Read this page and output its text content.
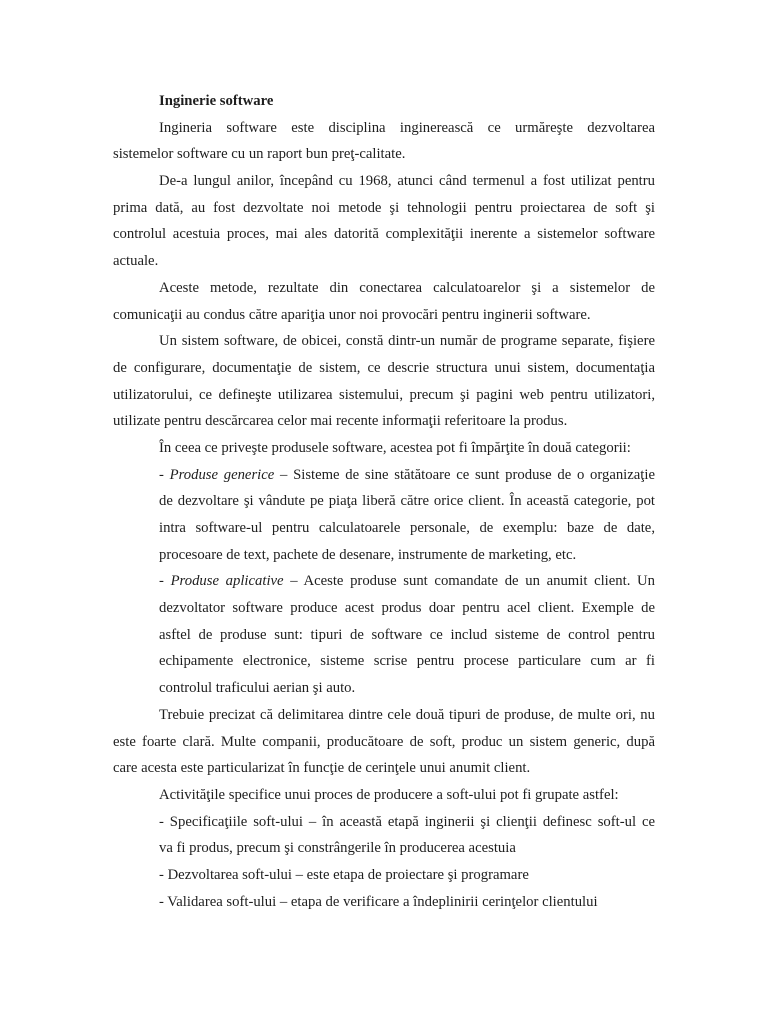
Inginerie software
Ingineria software este disciplina inginerească ce urmăreşte dezvoltarea
sistemelor software cu un raport bun preţ-calitate.
De-a lungul anilor, începând cu 1968, atunci când termenul a fost utilizat pentru
prima dată, au fost dezvoltate noi metode şi tehnologii pentru proiectarea de soft şi
controlul acestuia proces, mai ales datorită complexităţii inerente a sistemelor software
actuale.
Aceste metode, rezultate din conectarea calculatoarelor şi a sistemelor de
comunicaţii au condus către apariţia unor noi provocări pentru inginerii software.
Un sistem software, de obicei, constă dintr-un număr de programe separate, fişiere
de configurare, documentaţie de sistem, ce descrie structura unui sistem, documentaţia
utilizatorului, ce defineşte utilizarea sistemului, precum şi pagini web pentru utilizatori,
utilizate pentru descărcarea celor mai recente informaţii referitoare la produs.
În ceea ce priveşte produsele software, acestea pot fi împărţite în două categorii:
- Produse generice – Sisteme de sine stătătoare ce sunt produse de o organizaţie
de dezvoltare şi vândute pe piaţa liberă către orice client. În această categorie, pot
intra software-ul pentru calculatoarele personale, de exemplu: baze de date,
procesoare de text, pachete de desenare, instrumente de marketing, etc.
- Produse aplicative – Aceste produse sunt comandate de un anumit client. Un
dezvoltator software produce acest produs doar pentru acel client. Exemple de
asftel de produse sunt: tipuri de software ce includ sisteme de control pentru
echipamente electronice, sisteme scrise pentru procese particulare cum ar fi
controlul traficului aerian şi auto.
Trebuie precizat că delimitarea dintre cele două tipuri de produse, de multe ori, nu
este foarte clară. Multe companii, producătoare de soft, produc un sistem generic, după
care acesta este particularizat în funcţie de cerinţele unui anumit client.
Activităţile specifice unui proces de producere a soft-ului pot fi grupate astfel:
- Specificaţiile soft-ului – în această etapă inginerii şi clienţii definesc soft-ul ce
va fi produs, precum şi constrângerile în producerea acestuia
- Dezvoltarea soft-ului – este etapa de proiectare şi programare
- Validarea soft-ului – etapa de verificare a îndeplinirii cerinţelor clientului
